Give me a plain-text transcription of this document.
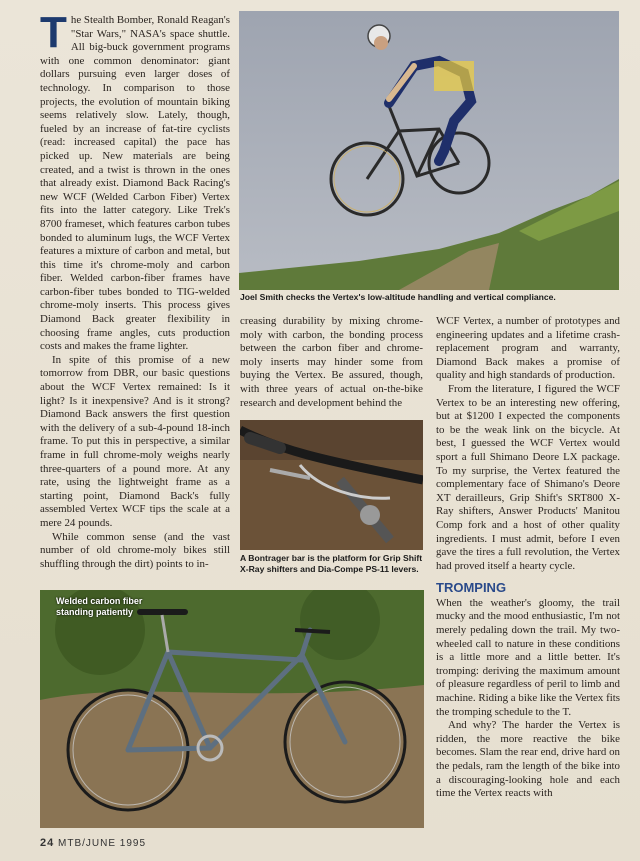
The Stealth Bomber, Ronald Reagan's "Star Wars," NASA's space shuttle. All big-buck government programs with one common denominator: giant dollars pursuing even larger doses of technology. In comparison to those projects, the evolution of mountain biking seems relatively slow. Lately, though, fueled by an increase of fat-tire cyclists (read: increased capital) the pace has picked up. New materials are being created, and a twist is thrown in the ones that already exist. Diamond Back Racing's new WCF (Welded Carbon Fiber) Vertex fits into the latter category. Like Trek's 8700 frameset, which features carbon tubes bonded to aluminum lugs, the WCF Vertex features a mixture of carbon and metal, but this time it's chrome-moly and carbon fiber. Welded carbon-fiber frames have carbon-fiber tubes bonded to TIG-welded chrome-moly inserts. This process gives Diamond Back greater flexibility in choosing frame angles, cuts production costs and makes the frame lighter.

In spite of this promise of a new tomorrow from DBR, our basic questions about the WCF Vertex remained: Is it light? Is it inexpensive? And is it strong? Diamond Back answers the first question with the delivery of a sub-4-pound 18-inch frame. To put this in perspective, a similar frame in full chrome-moly weighs nearly three-quarters of a pound more. At any rate, using the lightweight frame as a starting point, Diamond Back's fully assembled Vertex WCF tips the scale at a mere 24 pounds.

While common sense (and the vast number of old chrome-moly bikes still shuffling through the dirt) points to in-

Joel Smith checks the Vertex's low-altitude handling and vertical compliance.

creasing durability by mixing chrome-moly with carbon, the bonding process between the carbon fiber and chrome-moly inserts may hinder some from buying the Vertex. Be assured, though, with three years of actual on-the-bike research and development behind the

A Bontrager bar is the platform for Grip Shift X-Ray shifters and Dia-Compe PS-11 levers.
Welded carbon fiber standing patiently

WCF Vertex, a number of prototypes and engineering updates and a lifetime crash-replacement program and warranty, Diamond Back makes a promise of quality and high standards of production.

From the literature, I figured the WCF Vertex to be an interesting new offering, but at $1200 I expected the components to be the weak link on the bicycle. At best, I guessed the WCF Vertex would sport a full Shimano Deore LX package. To my surprise, the Vertex featured the complementary face of Shimano's Deore XT derailleurs, Grip Shift's SRT800 X-Ray shifters, Answer Products' Manitou Comp fork and a host of other quality ingredients. I must admit, before I even gave the tires a full revolution, the Vertex had proved itself a hearty cycle.

TROMPING

When the weather's gloomy, the trail mucky and the mood enthusiastic, I'm not merely pedaling down the trail. My two-wheeled call to nature in these conditions is a little more and a little better. It's tromping: deriving the maximum amount of pleasure regardless of peril to limb and machine. Riding a bike like the Vertex fits the tromping schedule to the T.

And why? The harder the Vertex is ridden, the more reactive the bike becomes. Slam the rear end, drive hard on the pedals, ram the length of the bike into a discouraging-looking hole and each time the Vertex reacts with

24 MTB/JUNE 1995
